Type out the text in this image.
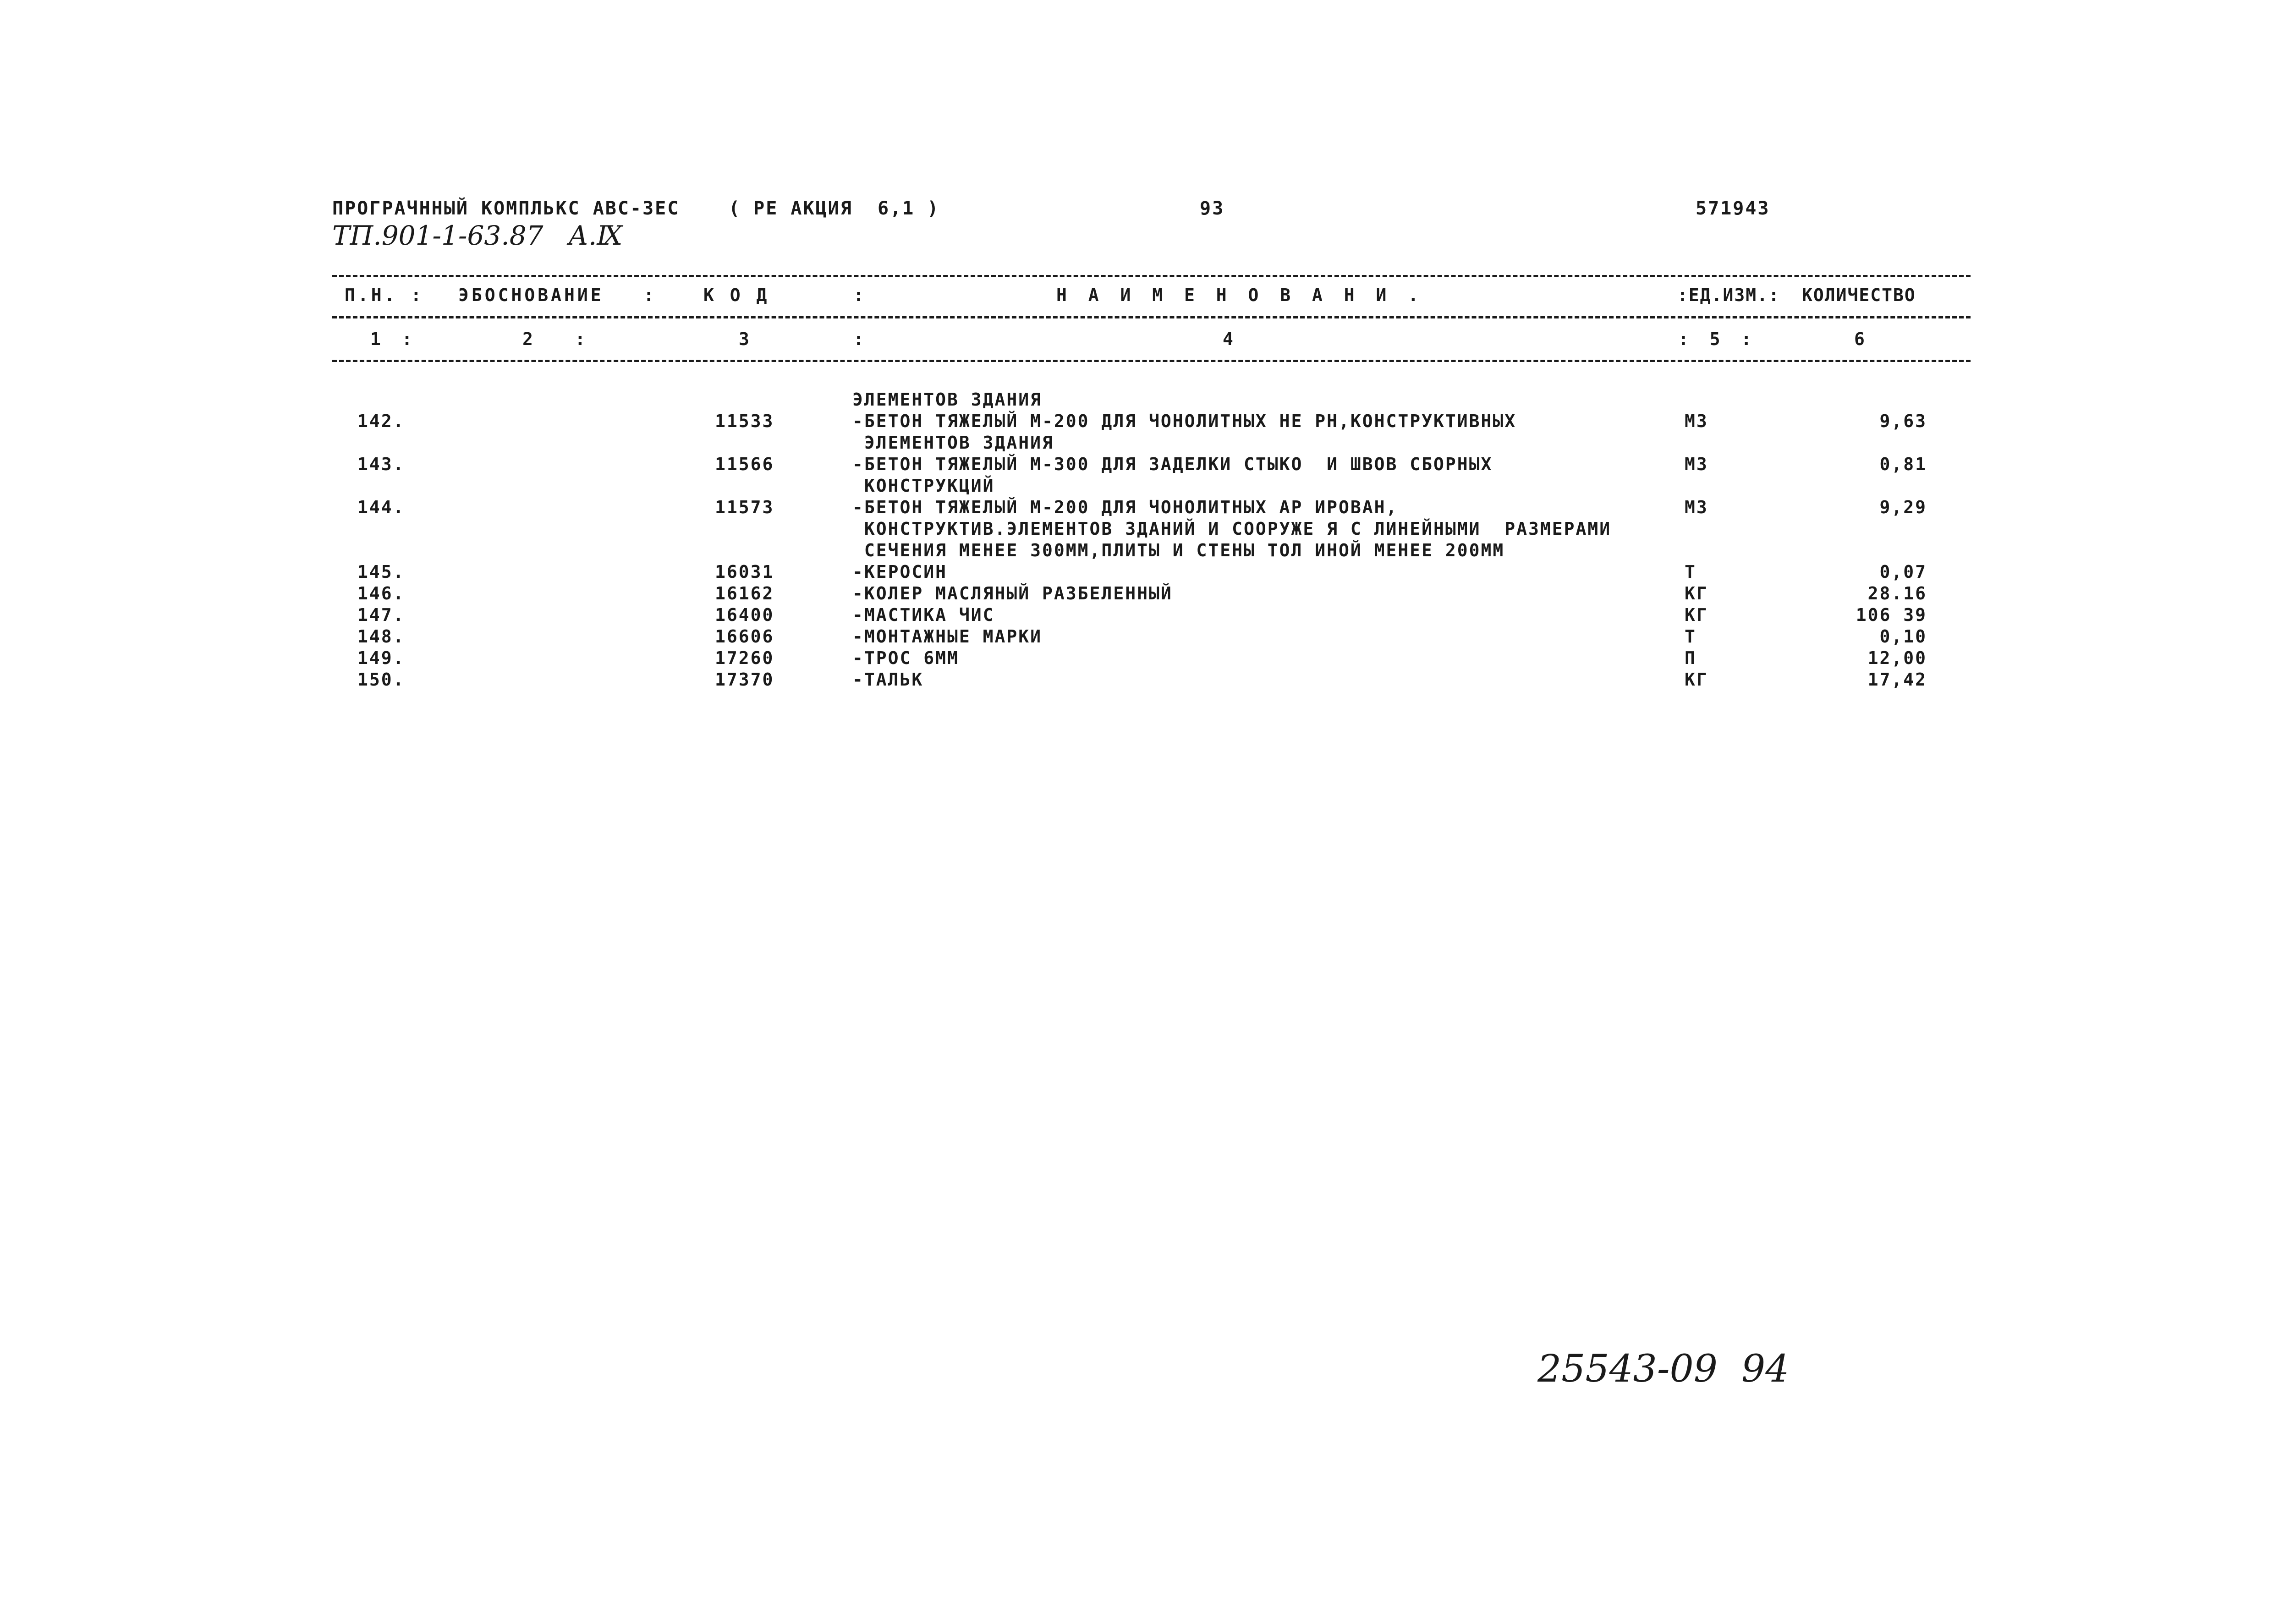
ПРОГРАЧННЫЙ КОМПЛЬКС АВС-ЗЕС	( РЕ АКЦИЯ  6,1 )	93	571943
ТП.901-1-63.87 А.Ⅸ
П.Н. : ЭБОСНОВАНИЕ   :	К О Д	:	Н А И М Е Н О В А Н И .	:ЕД.ИЗМ.: КОЛИЧЕСТВО
1  :	2    :	3	:	4	:  5  :	6
ЭЛЕМЕНТОВ ЗДАНИЯ
142.	11533	-БЕТОН ТЯЖЕЛЫЙ М-200 ДЛЯ ЧОНОЛИТНЫХ НЕ РН,КОНСТРУКТИВНЫХ	М3	9,63
ЭЛЕМЕНТОВ ЗДАНИЯ
143.	11566	-БЕТОН ТЯЖЕЛЫЙ М-300 ДЛЯ ЗАДЕЛКИ СТЫКО  И ШВОВ СБОРНЫХ	М3	0,81
КОНСТРУКЦИЙ
144.	11573	-БЕТОН ТЯЖЕЛЫЙ М-200 ДЛЯ ЧОНОЛИТНЫХ АР ИРОВАН,	М3	9,29
КОНСТРУКТИВ.ЭЛЕМЕНТОВ ЗДАНИЙ И СООРУЖЕ Я С ЛИНЕЙНЫМИ  РАЗМЕРАМИ
СЕЧЕНИЯ МЕНЕЕ 300ММ,ПЛИТЫ И СТЕНЫ ТОЛ ИНОЙ МЕНЕЕ 200ММ
145.	16031	-КЕРОСИН	Т	0,07
146.	16162	-КОЛЕР МАСЛЯНЫЙ РАЗБЕЛЕННЫЙ	КГ	28.16
147.	16400	-МАСТИКА ЧИС	КГ	106 39
148.	16606	-МОНТАЖНЫЕ МАРКИ	Т	0,10
149.	17260	-ТРОС 6ММ	П	12,00
150.	17370	-ТАЛЬК	КГ	17,42
25543-09 94
